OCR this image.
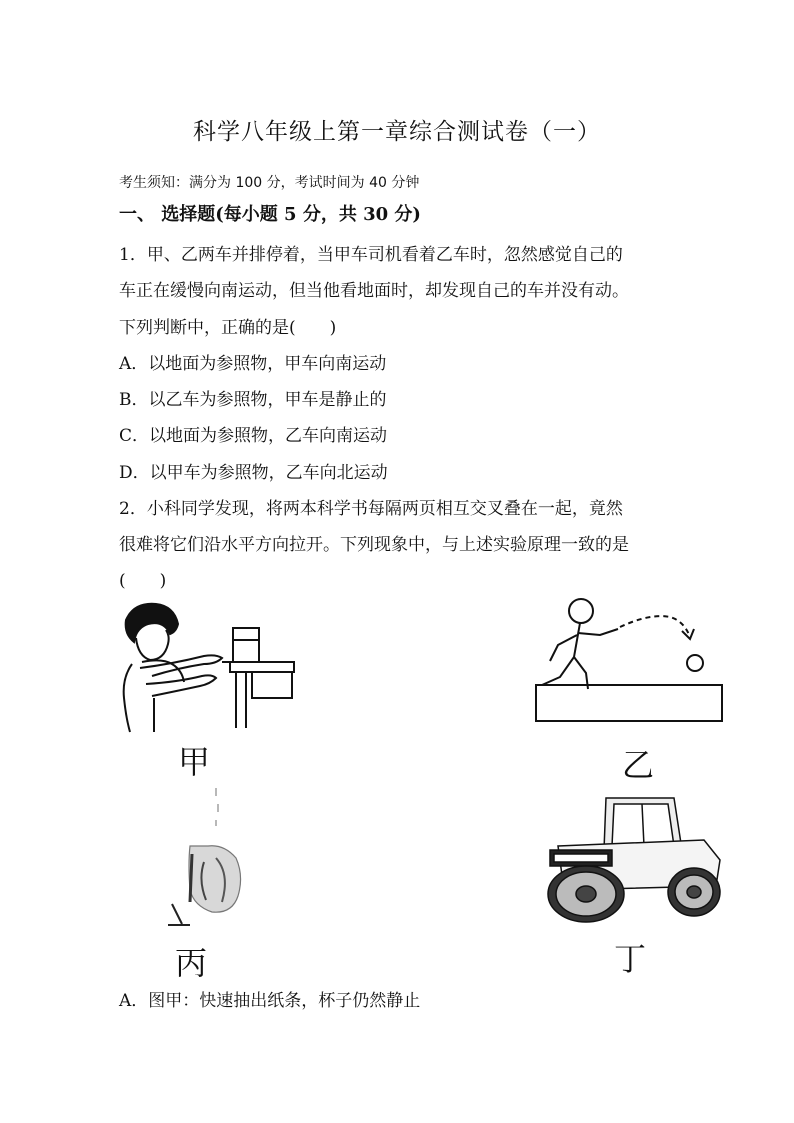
科学八年级上第一章综合测试卷（一）
考生须知：满分为 100 分，考试时间为 40 分钟
一、 选择题(每小题 5 分，共 30 分)
1．甲、乙两车并排停着，当甲车司机看着乙车时，忽然感觉自己的
车正在缓慢向南运动，但当他看地面时，却发现自己的车并没有动。
下列判断中，正确的是(　　)
A．以地面为参照物，甲车向南运动
B．以乙车为参照物，甲车是静止的
C．以地面为参照物，乙车向南运动
D．以甲车为参照物，乙车向北运动
2．小科同学发现，将两本科学书每隔两页相互交叉叠在一起，竟然
很难将它们沿水平方向拉开。下列现象中，与上述实验原理一致的是
(　　)
甲	乙
丙	丁
A．图甲：快速抽出纸条，杯子仍然静止
